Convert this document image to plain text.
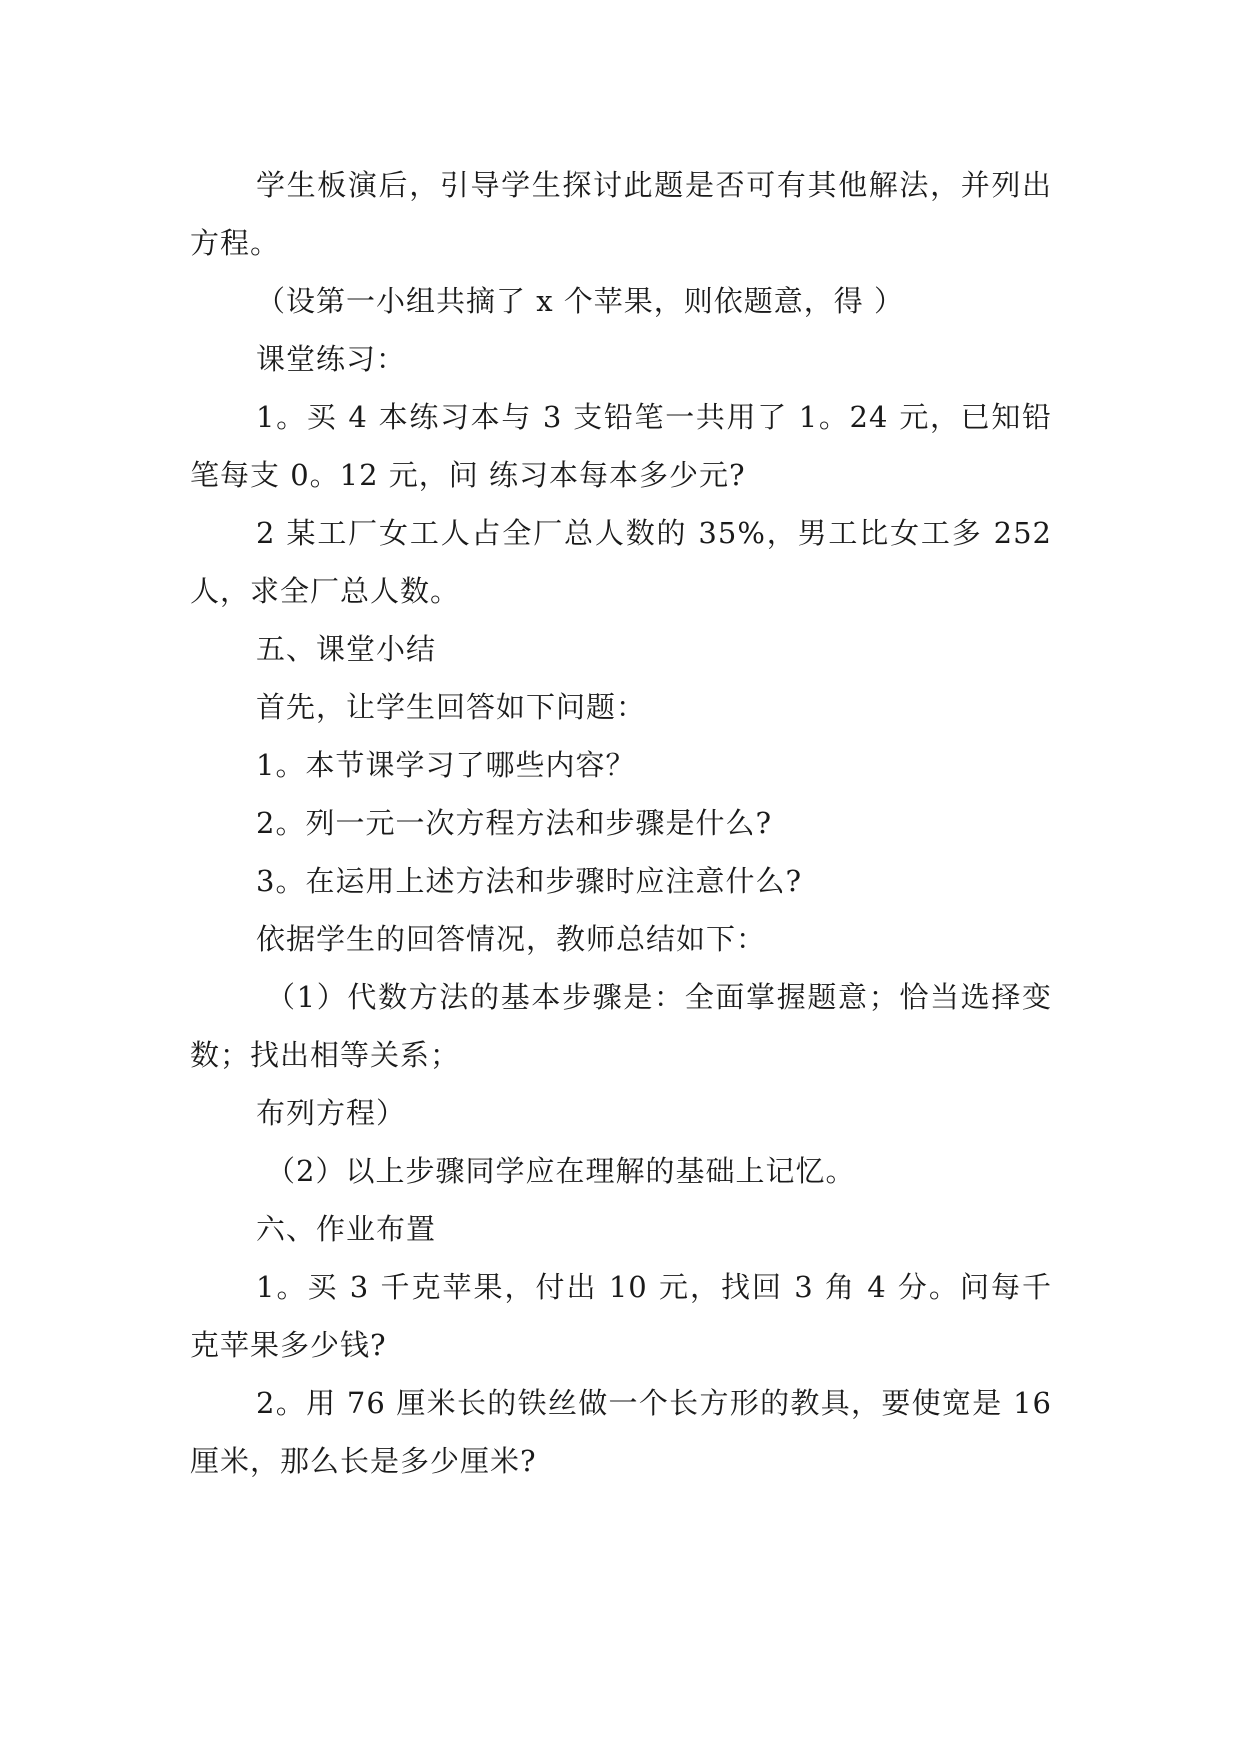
学生板演后，引导学生探讨此题是否可有其他解法，并列出方程。

（设第一小组共摘了 x 个苹果，则依题意，得 ）

课堂练习：

1。买 4 本练习本与 3 支铅笔一共用了 1。24 元，已知铅笔每支 0。12 元，问 练习本每本多少元?

2 某工厂女工人占全厂总人数的 35%，男工比女工多 252 人，求全厂总人数。

五、课堂小结

首先，让学生回答如下问题：

1。本节课学习了哪些内容？

2。列一元一次方程方法和步骤是什么?

3。在运用上述方法和步骤时应注意什么?

依据学生的回答情况，教师总结如下：

（1）代数方法的基本步骤是：全面掌握题意；恰当选择变数；找出相等关系；

布列方程）

（2）以上步骤同学应在理解的基础上记忆。

六、作业布置

1。买 3 千克苹果，付出 10 元，找回 3 角 4 分。问每千克苹果多少钱?

2。用 76 厘米长的铁丝做一个长方形的教具，要使宽是 16 厘米，那么长是多少厘米?
